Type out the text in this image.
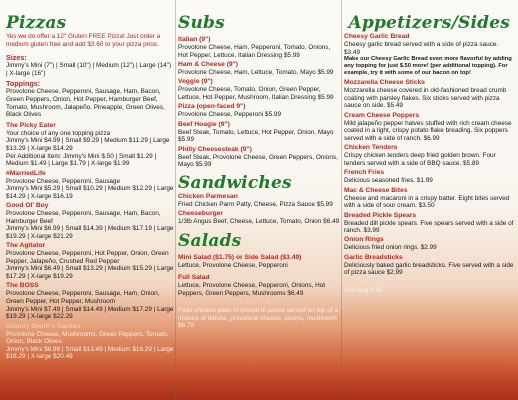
Pizzas

Yes we do offer a 12" Gluten FREE Pizza! Just order a medium gluten free and add $3.60 to your pizza price.

Sizes:

Jimmy's Mini (7") | Small (10") | Medium (12") | Large (14") | X-large (16")

Toppings:

Provolone Cheese, Pepperoni, Sausage, Ham, Bacon, Green Peppers, Onion, Hot Pepper, Hamburger Beef, Tomato, Mushroom, Jalapeño, Pineapple, Green Olives, Black Olives

The Picky Eater

Your choice of any one topping pizza

Jimmy's Mini $4.99 | Small $9.29 | Medium $11.29 | Large $13.29 | X-large $14.29

Per Additional Item: Jimmy's Mini $.50 | Small $1.29 | Medium $1.49 | Large $1.79 | X-large $1.99

#MarriedLife

Provolone Cheese, Pepperoni, Sausage

Jimmy's Mini $5.29 | Small $10.29 | Medium $12.29 | Large $14.29 | X-large $16.19

Good OI' Boy

Provolone Cheese, Pepperoni, Sausage, Ham, Bacon, Hamburger Beef

Jimmy's Mini $6.99 | Small $14.39 | Medium $17.19 | Large $19.29 | X-large $21.29

The Agitator

Provolone Cheese, Pepperoni, Hot Pepper, Onion, Green Pepper, Jalapeño, Crushed Red Pepper

Jimmy's Mini $6.49 | Small $13.29 | Medium $15.29 | Large $17.29 | X-large $19.29

The BOSS

Provolone Cheese, Pepperoni, Sausage, Ham, Onion, Green Pepper, Hot Pepper, Mushroom

Jimmy's Mini $7.49 | Small $14.49 | Medium $17.29 | Large $19.29 | X-large $22.29

Granny Smith's Garden

Provolone Cheese, Mushrooms, Green Peppers, Tomato, Onion, Black Olives

Jimmy's Mini $6.99 | Small $13.49 | Medium $16.29 | Large $18.29 | X-large $20.49

Subs

Italian (9")

Provolone Cheese, Ham, Pepperoni, Tomato, Onions, Hot Pepper, Lettuce, Italian Dressing $5.99

Ham & Cheese (9")

Provolone Cheese, Ham, Lettuce, Tomato, Mayo $5.99

Veggie (9")

Provolone Cheese, Tomato, Onion, Green Pepper, Lettuce, Hot Pepper, Mushroom, Italian Dressing $5.99

Pizza (open-faced 9")

Provolone Cheese, Pepperoni $5.99

Beef Hoagie (9")

Beef Steak, Tomato, Lettuce, Hot Pepper, Onion, Mayo $5.99

Philly Cheesesteak (9")

Beef Steak, Provolone Cheese, Green Peppers, Onions, Mayo $5.99

Sandwiches

Chicken Parmesan

Fried Chicken Parm Patty, Cheese, Pizza Sauce $5.99

Cheeseburger

1/3lb Angus Beef, Cheese, Lettuce, Tomato, Onion $6.49

Salads

Mini Salad ($1.75) or Side Salad ($3.49)

Lettuce, Provolone Cheese, Pepperoni

Full Salad

Lettuce, Provolone Cheese, Pepperoni, Onions, Hot Peppers, Green Peppers, Mushrooms $6.49

Crispy or Grilled Chicken Salad

Fried chicken plain or tossed in sauce served on top of a mixture of lettuce, provolone cheese, onions, mushroom $6.79

Appetizers/Sides

Cheesy Garlic Bread

Cheesy garlic bread served with a side of pizza sauce. $3.49

Make our Cheesy Garlic Bread even more flavorful by adding any topping for just $.50 more! (per additional topping). For example, try it with some of our bacon on top!

Mozzarella Cheese Sticks

Mozzarella cheese covered in old-fashioned bread crumb coating with parsley flakes. Six sticks served with pizza sauce on side. $5.49

Cream Cheese Poppers

Mild jalapeño pepper halves stuffed with rich cream cheese coated in a light, crispy potato flake breading. Six poppers served with a side of ranch. $6.99

Chicken Tenders

Crispy chicken tenders deep fried golden brown. Four tenders served with a side of BBQ sauce. $5.89

French Fries

Delicious seasoned fries. $1.99

Mac & Cheese Bites

Cheese and macaroni in a crispy batter. Eight bites served with a side of sour cream. $3.50

Breaded Pickle Spears

Breaded dill pickle spears. Five spears served with a side of ranch. $3.99

Onion Rings

Delicious fried onion rings. $2.99

Garlic Breadsticks

Deliciously baked garlic breadsticks. Five served with a side of pizza sauce $2.99

Chips

One bag $.99
